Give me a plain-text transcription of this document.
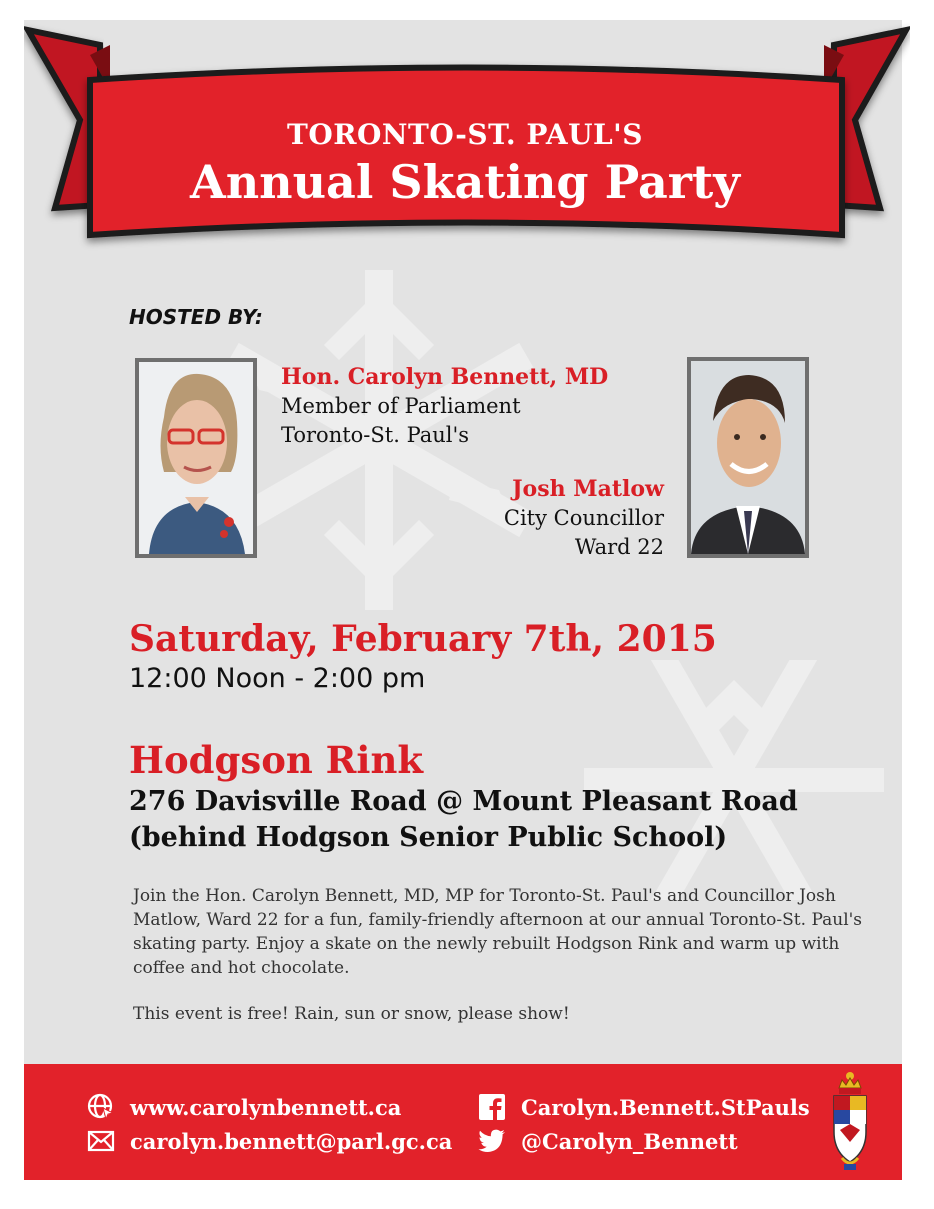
TORONTO-ST. PAUL'S
Annual Skating Party
HOSTED BY:
Hon. Carolyn Bennett, MD
Member of Parliament
Toronto-St. Paul's
Josh Matlow
City Councillor
Ward 22
Saturday, February 7th, 2015
12:00 Noon - 2:00 pm
Hodgson Rink
276 Davisville Road @ Mount Pleasant Road
(behind Hodgson Senior Public School)

Join the Hon. Carolyn Bennett, MD, MP for Toronto-St. Paul's and Councillor Josh Matlow, Ward 22 for a fun, family-friendly afternoon at our annual Toronto-St. Paul's skating party. Enjoy a skate on the newly rebuilt Hodgson Rink and warm up with coffee and hot chocolate.

This event is free! Rain, sun or snow, please show!

www.carolynbennett.ca
carolyn.bennett@parl.gc.ca
Carolyn.Bennett.StPauls
@Carolyn_Bennett
